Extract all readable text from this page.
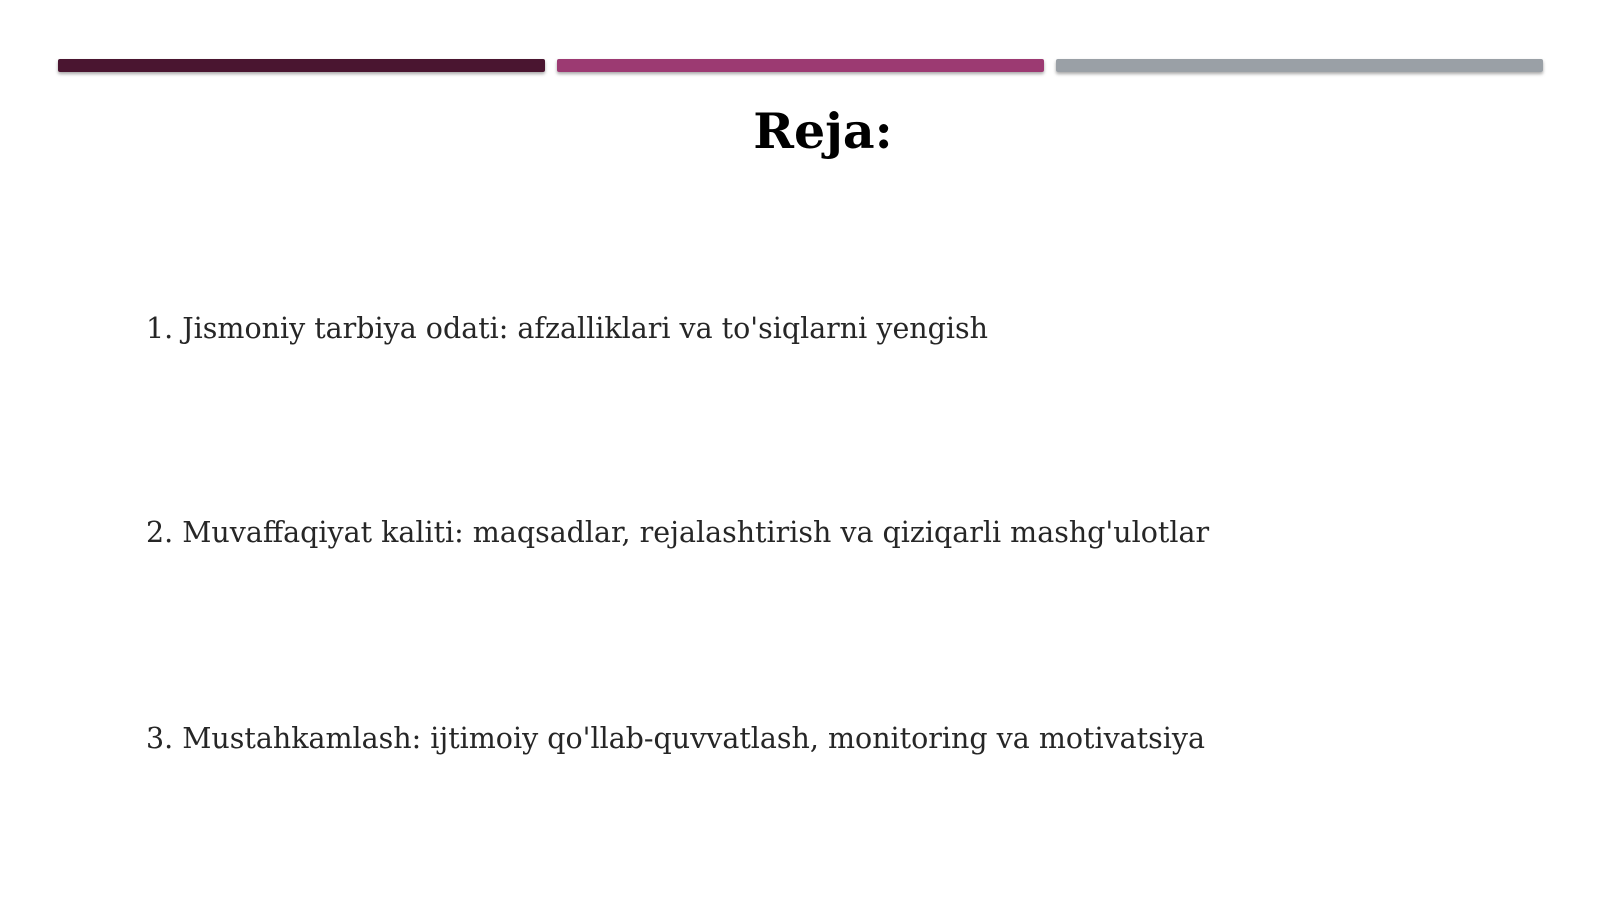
Reja:
1. Jismoniy tarbiya odati: afzalliklari va to'siqlarni yengish
2. Muvaffaqiyat kaliti: maqsadlar, rejalashtirish va qiziqarli mashg'ulotlar
3. Mustahkamlash: ijtimoiy qo'llab-quvvatlash, monitoring va motivatsiya
